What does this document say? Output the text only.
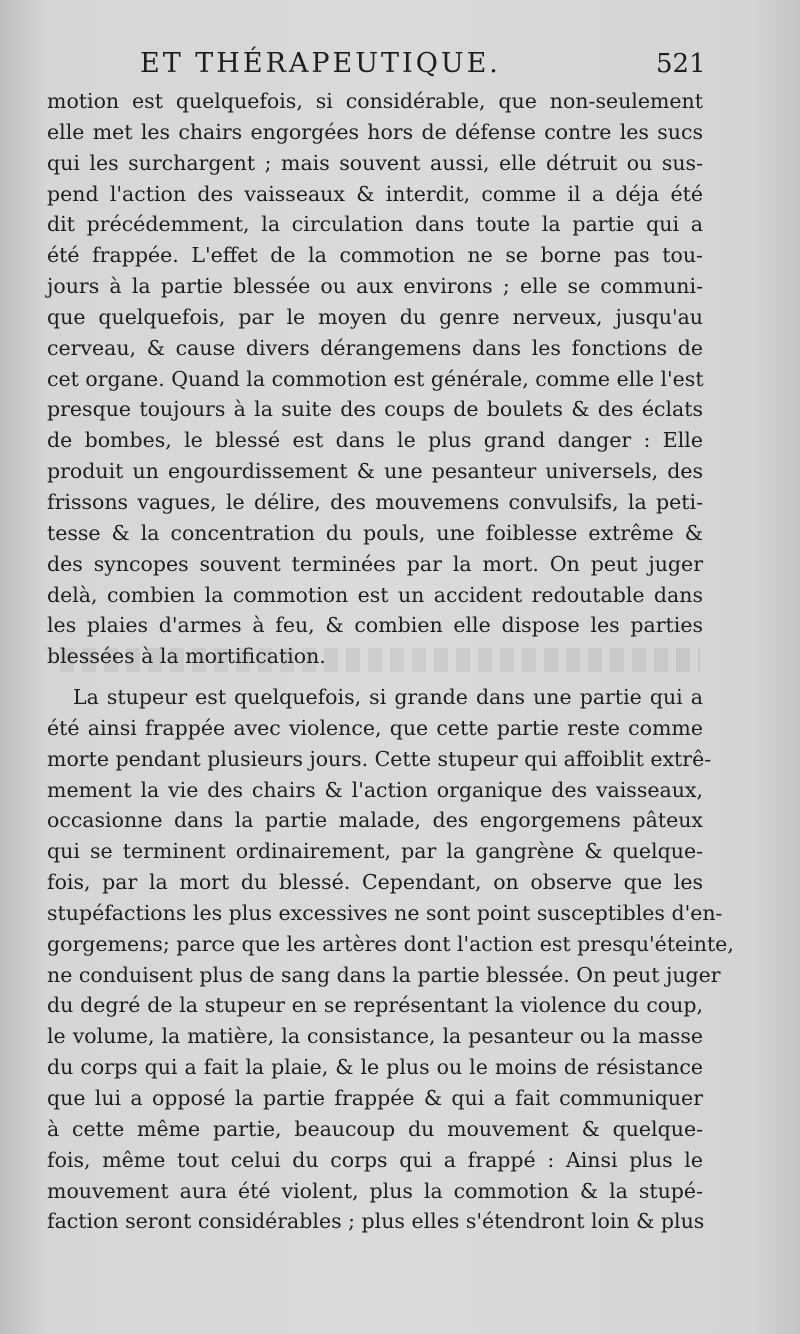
ET THÉRAPEUTIQUE.	521
motion est quelquefois, si considérable, que non-seulement
elle met les chairs engorgées hors de défense contre les sucs
qui les surchargent ; mais souvent aussi, elle détruit ou sus-
pend l'action des vaisseaux & interdit, comme il a déja été
dit précédemment, la circulation dans toute la partie qui a
été frappée. L'effet de la commotion ne se borne pas tou-
jours à la partie blessée ou aux environs ; elle se communi-
que quelquefois, par le moyen du genre nerveux, jusqu'au
cerveau, & cause divers dérangemens dans les fonctions de
cet organe. Quand la commotion est générale, comme elle l'est
presque toujours à la suite des coups de boulets & des éclats
de bombes, le blessé est dans le plus grand danger : Elle
produit un engourdissement & une pesanteur universels, des
frissons vagues, le délire, des mouvemens convulsifs, la peti-
tesse & la concentration du pouls, une foiblesse extrême &
des syncopes souvent terminées par la mort. On peut juger
delà, combien la commotion est un accident redoutable dans
les plaies d'armes à feu, & combien elle dispose les parties
blessées à la mortification.
La stupeur est quelquefois, si grande dans une partie qui a
été ainsi frappée avec violence, que cette partie reste comme
morte pendant plusieurs jours. Cette stupeur qui affoiblit extrê-
mement la vie des chairs & l'action organique des vaisseaux,
occasionne dans la partie malade, des engorgemens pâteux
qui se terminent ordinairement, par la gangrène & quelque-
fois, par la mort du blessé. Cependant, on observe que les
stupéfactions les plus excessives ne sont point susceptibles d'en-
gorgemens; parce que les artères dont l'action est presqu'éteinte,
ne conduisent plus de sang dans la partie blessée. On peut juger
du degré de la stupeur en se représentant la violence du coup,
le volume, la matière, la consistance, la pesanteur ou la masse
du corps qui a fait la plaie, & le plus ou le moins de résistance
que lui a opposé la partie frappée & qui a fait communiquer
à cette même partie, beaucoup du mouvement & quelque-
fois, même tout celui du corps qui a frappé : Ainsi plus le
mouvement aura été violent, plus la commotion & la stupé-
faction seront considérables ; plus elles s'étendront loin & plus
